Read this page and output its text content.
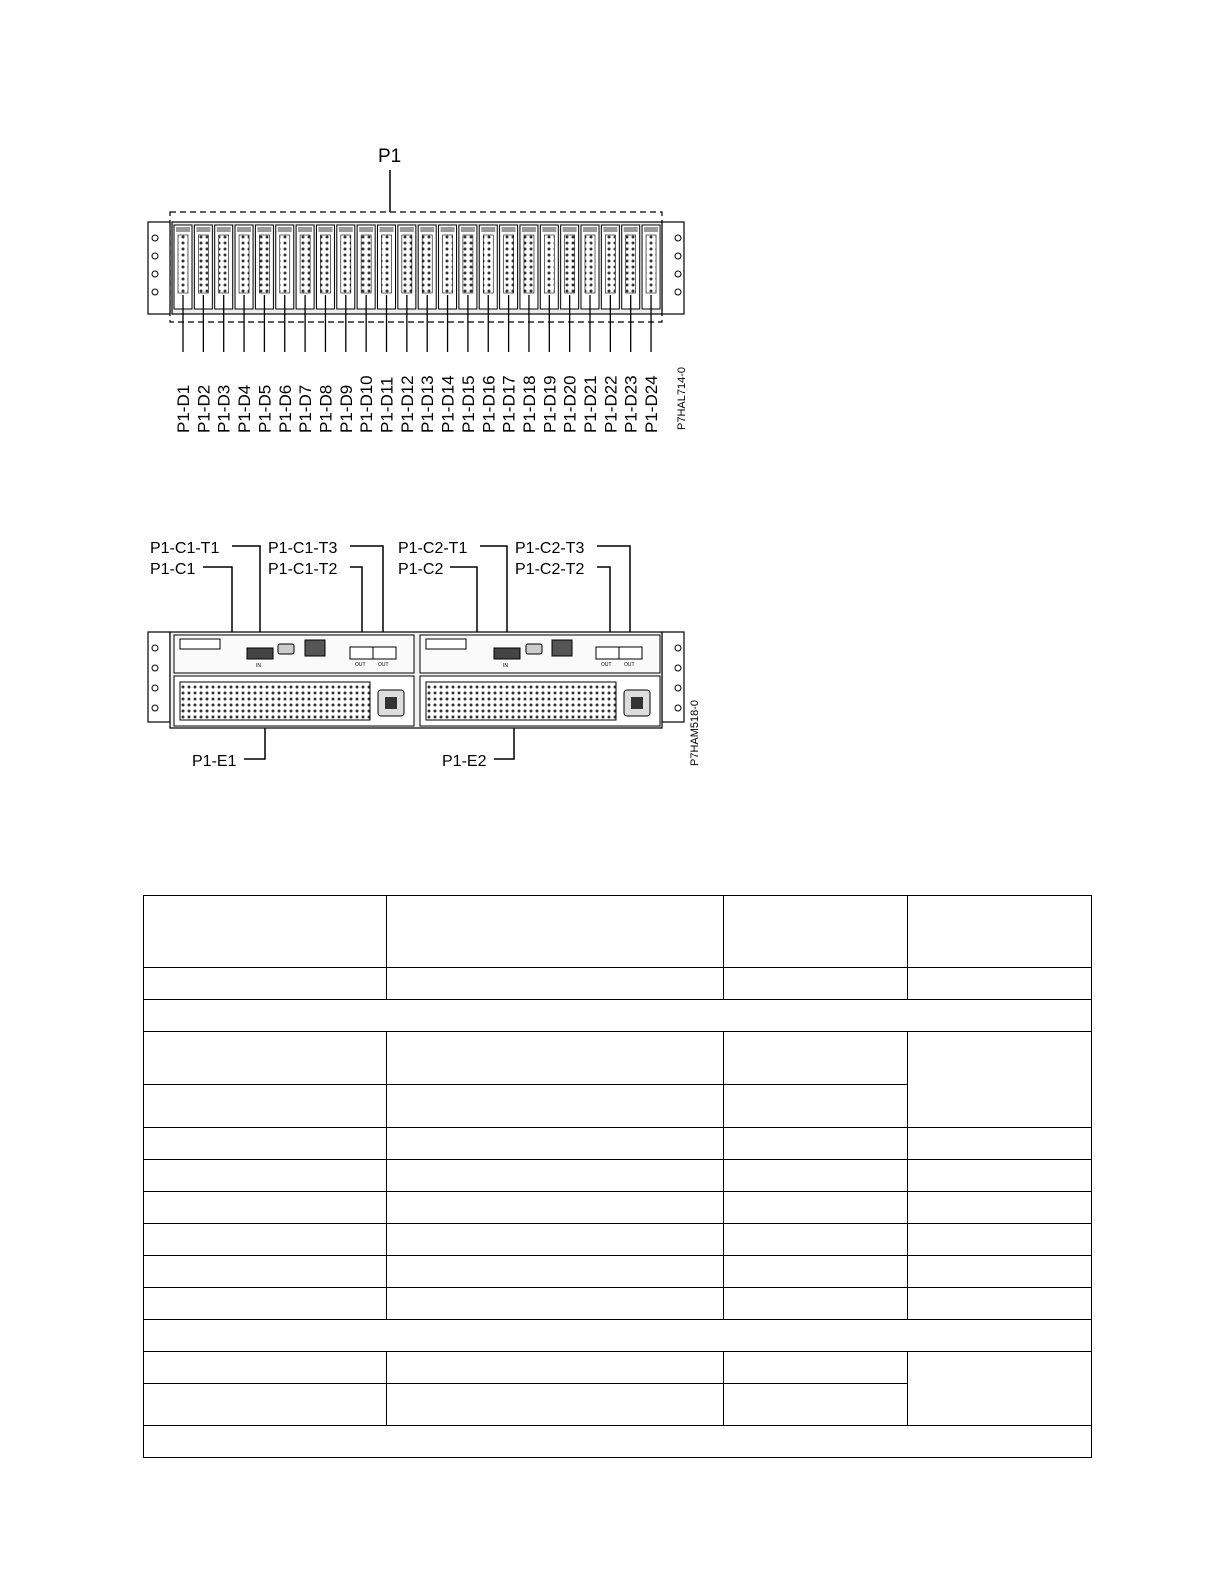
P1
P1-D1 P1-D2 P1-D3 P1-D4 P1-D5 P1-D6 P1-D7 P1-D8 P1-D9 P1-D10 P1-D11 P1-D12 P1-D13 P1-D14 P1-D15 P1-D16 P1-D17 P1-D18 P1-D19 P1-D20 P1-D21 P1-D22 P1-D23 P1-D24 P7HAL714-0
P1-C1-T1
P1-C1
P1-C1-T3
P1-C1-T2
P1-C2-T1
P1-C2
P1-C2-T3
P1-C2-T2
P1-E1	P1-E2
IN	OUT OUT	IN	OUT OUT
P7HAM518-0
